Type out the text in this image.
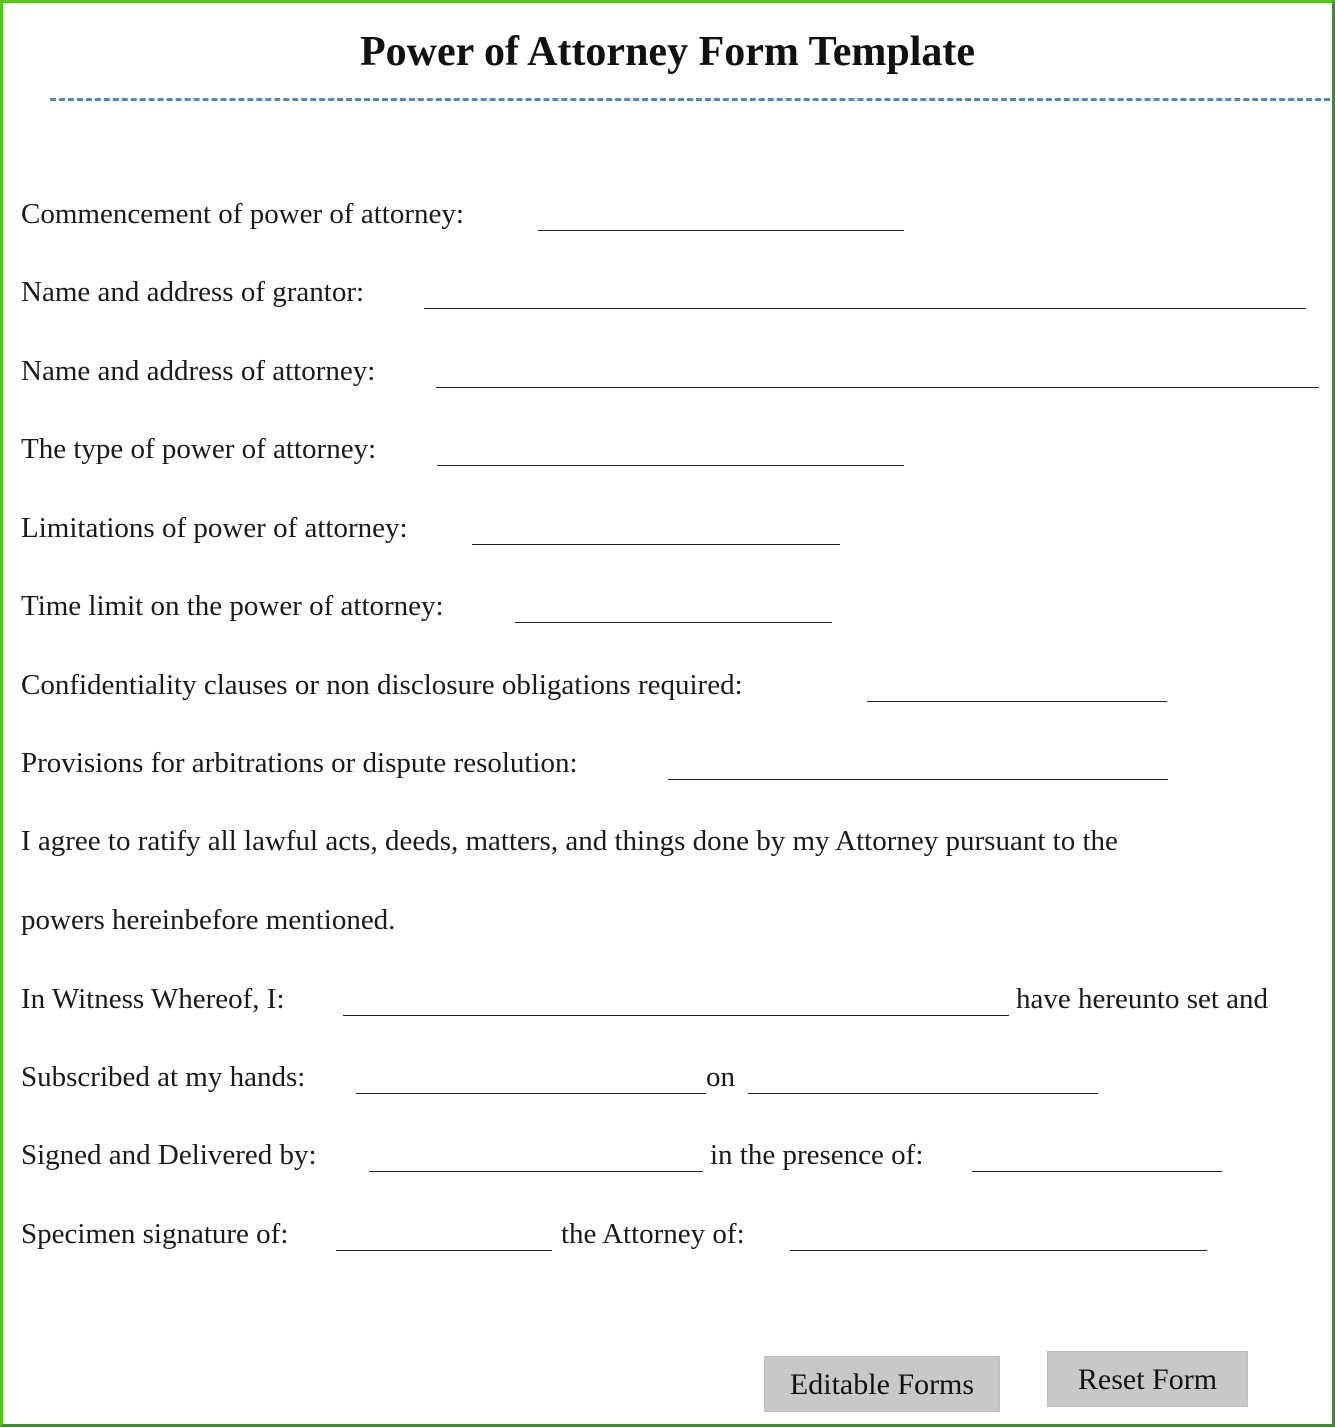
Power of Attorney Form Template
Commencement of power of attorney:
Name and address of grantor:
Name and address of attorney:
The type of power of attorney:
Limitations of power of attorney:
Time limit on the power of attorney:
Confidentiality clauses or non disclosure obligations required:
Provisions for arbitrations or dispute resolution:
I agree to ratify all lawful acts, deeds, matters, and things done by my Attorney pursuant to the
powers hereinbefore mentioned.
In Witness Whereof, I:	have hereunto set and
Subscribed at my hands:	on
Signed and Delivered by:	in the presence of:
Specimen signature of:	the Attorney of:
Editable Forms	Reset Form
